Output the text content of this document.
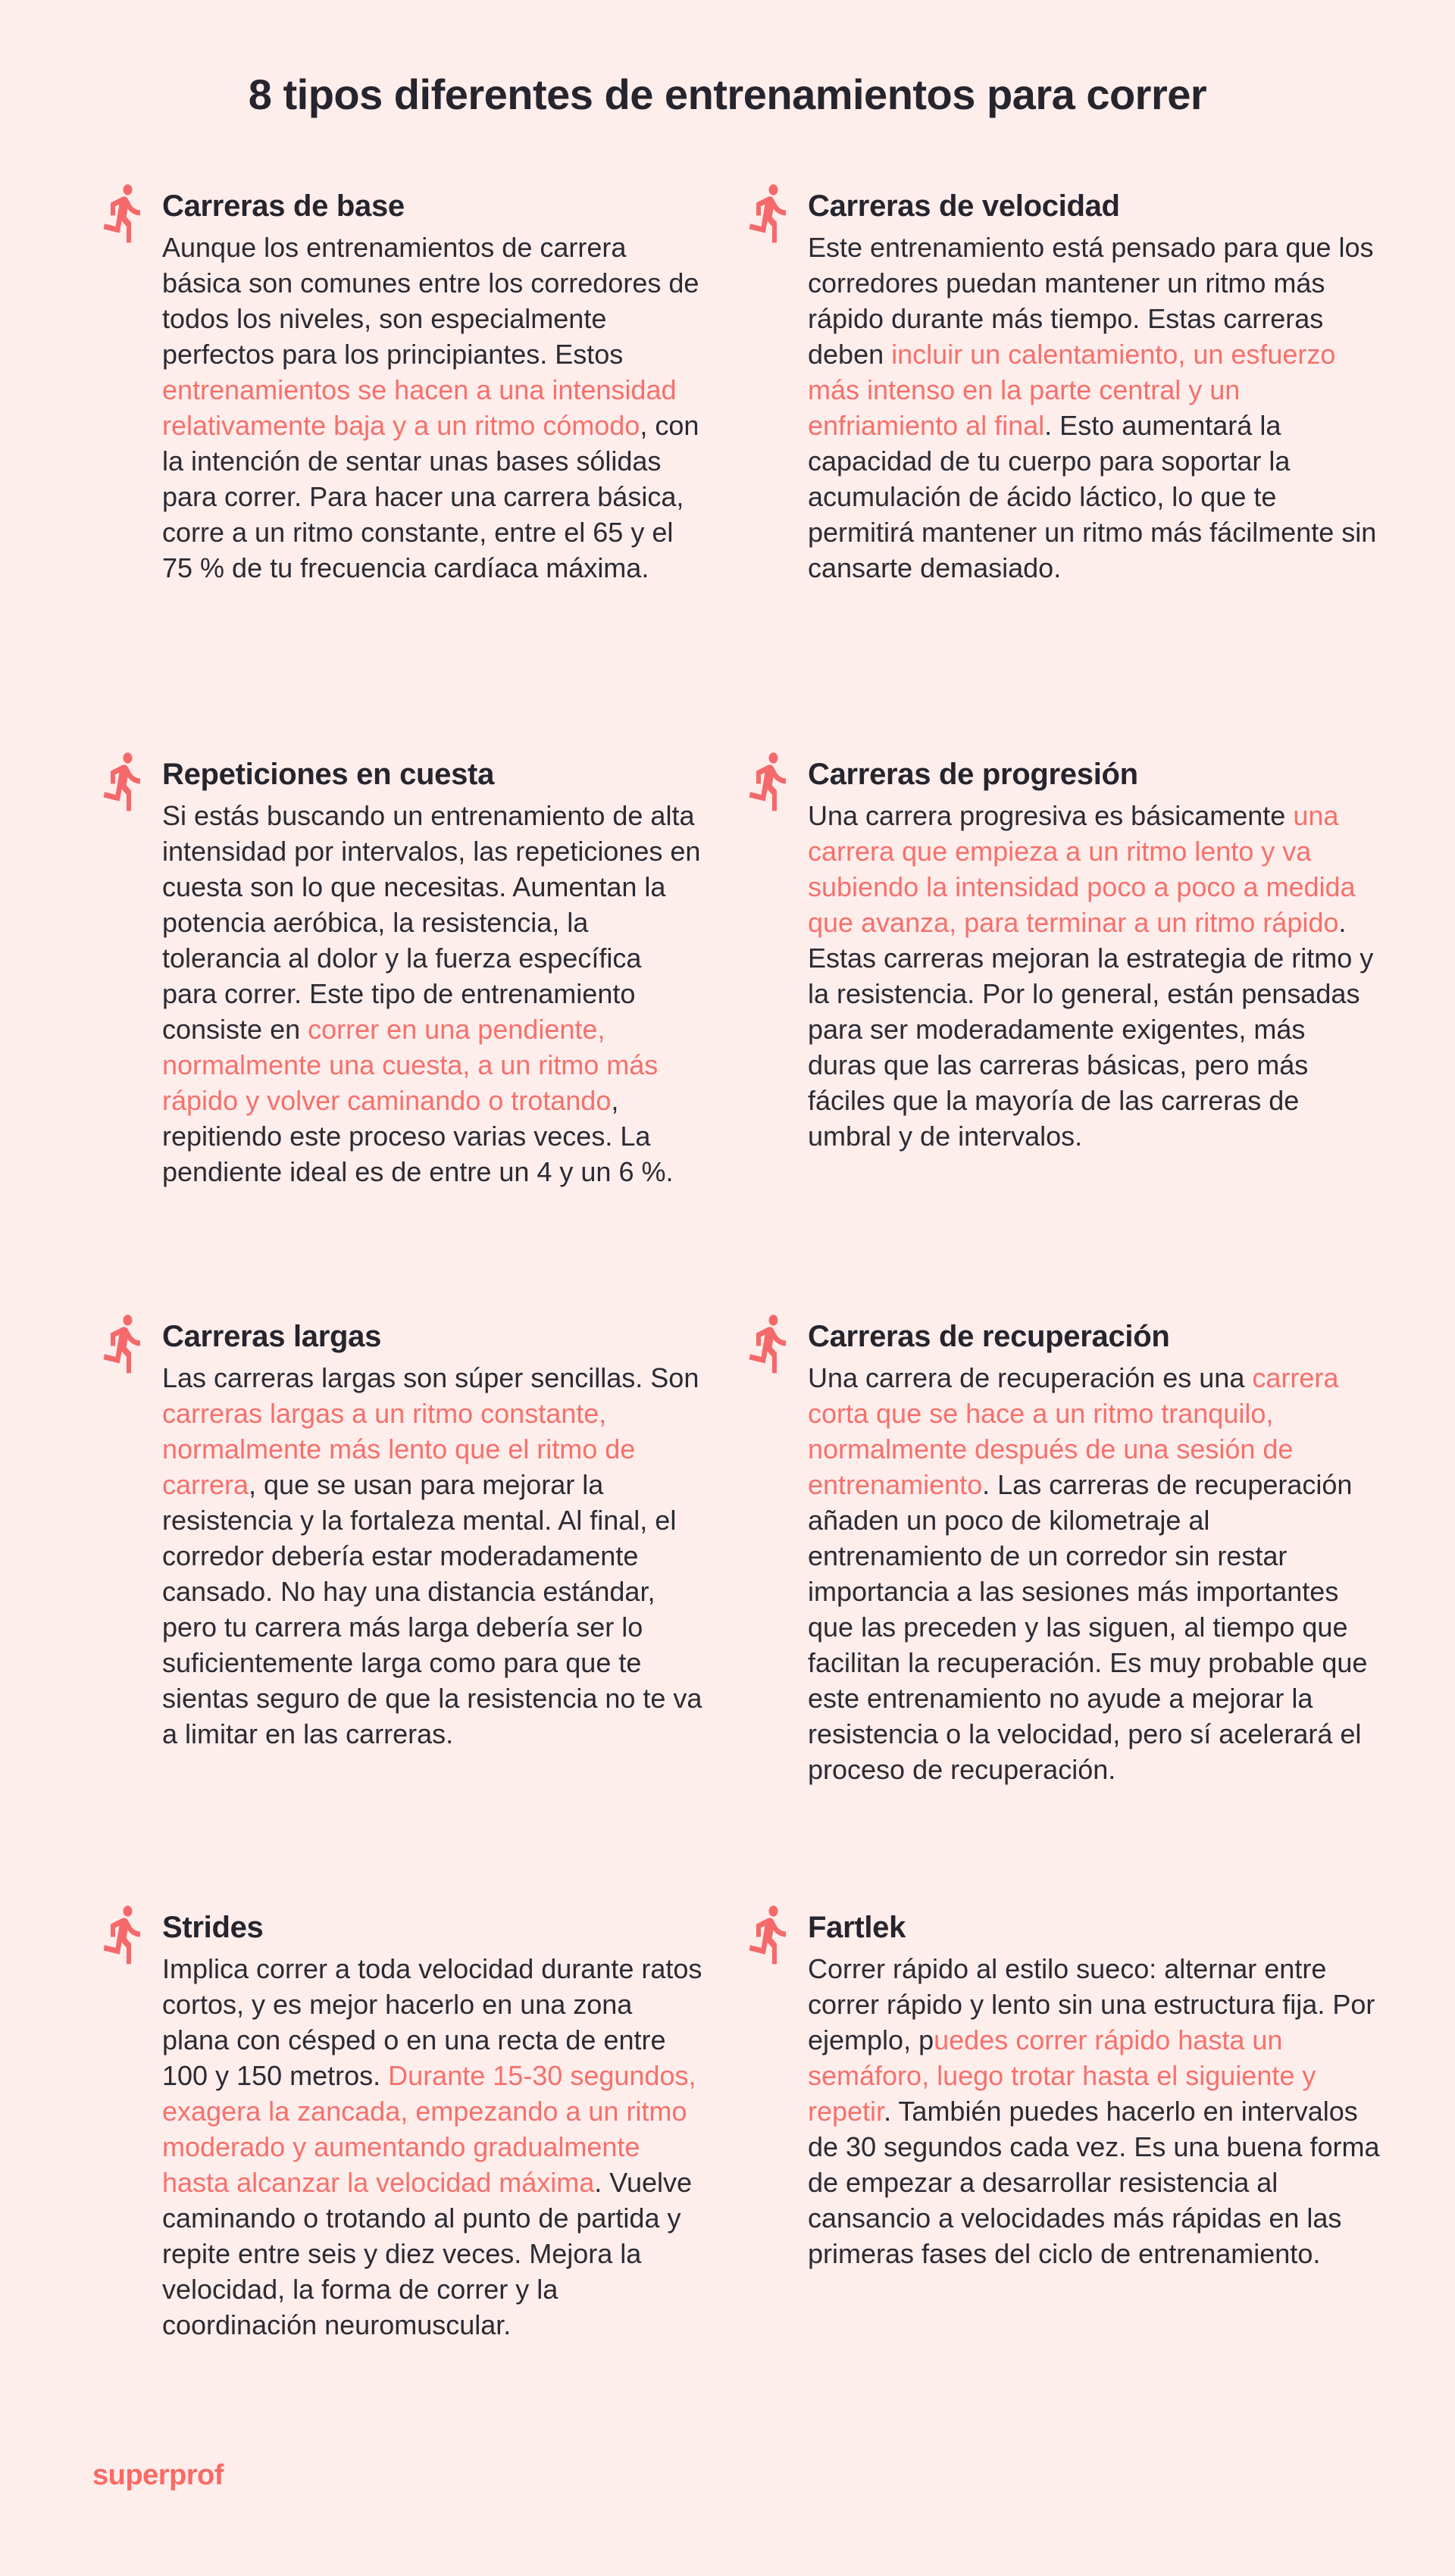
8 tipos diferentes de entrenamientos para correr
Carreras de base

Aunque los entrenamientos de carrera básica son comunes entre los corredores de todos los niveles, son especialmente perfectos para los principiantes. Estos entrenamientos se hacen a una intensidad relativamente baja y a un ritmo cómodo, con la intención de sentar unas bases sólidas para correr. Para hacer una carrera básica, corre a un ritmo constante, entre el 65 y el 75 % de tu frecuencia cardíaca máxima.

Carreras de velocidad

Este entrenamiento está pensado para que los corredores puedan mantener un ritmo más rápido durante más tiempo. Estas carreras deben incluir un calentamiento, un esfuerzo más intenso en la parte central y un enfriamiento al final. Esto aumentará la capacidad de tu cuerpo para soportar la acumulación de ácido láctico, lo que te permitirá mantener un ritmo más fácilmente sin cansarte demasiado.

Repeticiones en cuesta

Si estás buscando un entrenamiento de alta intensidad por intervalos, las repeticiones en cuesta son lo que necesitas. Aumentan la potencia aeróbica, la resistencia, la tolerancia al dolor y la fuerza específica para correr. Este tipo de entrenamiento consiste en correr en una pendiente, normalmente una cuesta, a un ritmo más rápido y volver caminando o trotando, repitiendo este proceso varias veces. La pendiente ideal es de entre un 4 y un 6 %.

Carreras de progresión

Una carrera progresiva es básicamente una carrera que empieza a un ritmo lento y va subiendo la intensidad poco a poco a medida que avanza, para terminar a un ritmo rápido. Estas carreras mejoran la estrategia de ritmo y la resistencia. Por lo general, están pensadas para ser moderadamente exigentes, más duras que las carreras básicas, pero más fáciles que la mayoría de las carreras de umbral y de intervalos.

Carreras largas

Las carreras largas son súper sencillas. Son carreras largas a un ritmo constante, normalmente más lento que el ritmo de carrera, que se usan para mejorar la resistencia y la fortaleza mental. Al final, el corredor debería estar moderadamente cansado. No hay una distancia estándar, pero tu carrera más larga debería ser lo suficientemente larga como para que te sientas seguro de que la resistencia no te va a limitar en las carreras.

Carreras de recuperación

Una carrera de recuperación es una carrera corta que se hace a un ritmo tranquilo, normalmente después de una sesión de entrenamiento. Las carreras de recuperación añaden un poco de kilometraje al entrenamiento de un corredor sin restar importancia a las sesiones más importantes que las preceden y las siguen, al tiempo que facilitan la recuperación. Es muy probable que este entrenamiento no ayude a mejorar la resistencia o la velocidad, pero sí acelerará el proceso de recuperación.

Strides

Implica correr a toda velocidad durante ratos cortos, y es mejor hacerlo en una zona plana con césped o en una recta de entre 100 y 150 metros. Durante 15-30 segundos, exagera la zancada, empezando a un ritmo moderado y aumentando gradualmente hasta alcanzar la velocidad máxima. Vuelve caminando o trotando al punto de partida y repite entre seis y diez veces. Mejora la velocidad, la forma de correr y la coordinación neuromuscular.

Fartlek

Correr rápido al estilo sueco: alternar entre correr rápido y lento sin una estructura fija. Por ejemplo, puedes correr rápido hasta un semáforo, luego trotar hasta el siguiente y repetir. También puedes hacerlo en intervalos de 30 segundos cada vez. Es una buena forma de empezar a desarrollar resistencia al cansancio a velocidades más rápidas en las primeras fases del ciclo de entrenamiento.

superprof
